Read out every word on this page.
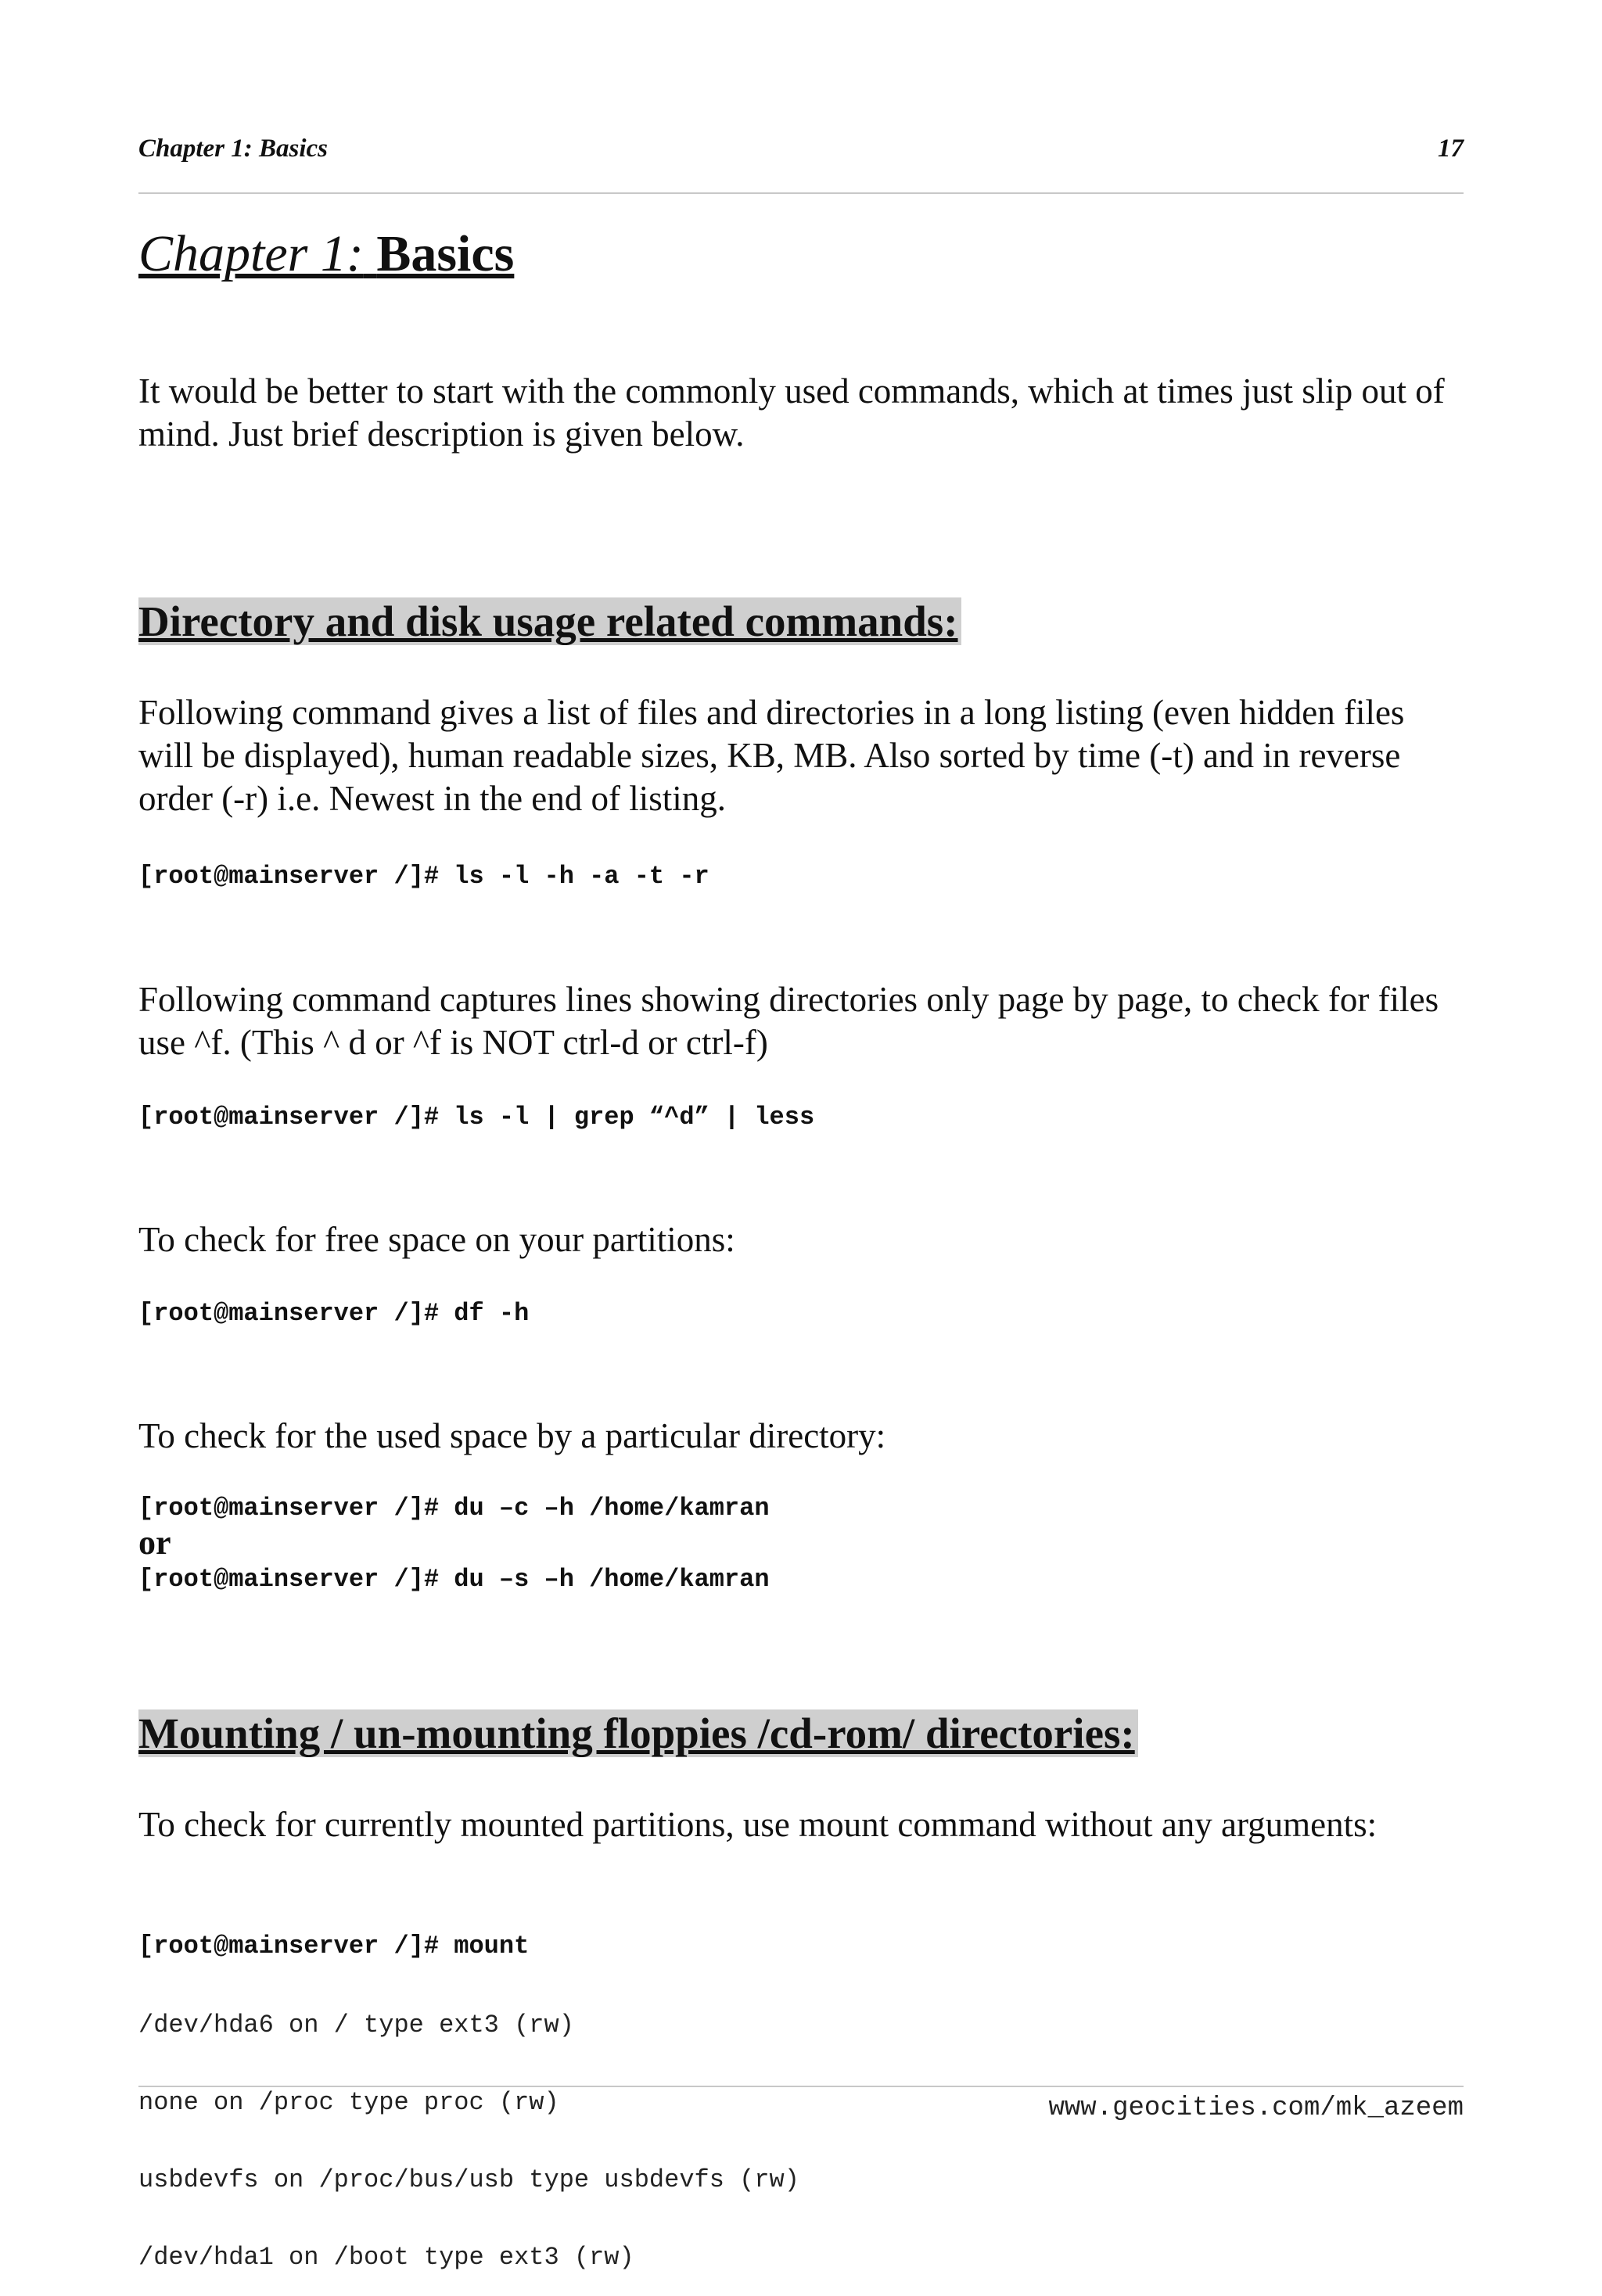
Chapter 1: Basics	17
Chapter 1: Basics

It would be better to start with the commonly used commands, which at times just slip out of mind. Just brief description is given below.

Directory and disk usage related commands:

Following command gives a list of files and directories in a long listing (even hidden files will be displayed), human readable sizes, KB, MB. Also sorted by time (-t) and in reverse order (-r) i.e. Newest in the end of listing.

[root@mainserver /]# ls -l -h -a -t -r

Following command captures lines showing directories only page by page, to check for files use ^f. (This ^ d or ^f is NOT ctrl-d or ctrl-f)

[root@mainserver /]# ls -l | grep “^d” | less

To check for free space on your partitions:

[root@mainserver /]# df -h

To check for the used space by a particular directory:

[root@mainserver /]# du –c –h /home/kamran
or
[root@mainserver /]# du –s –h /home/kamran
Mounting / un-mounting floppies /cd-rom/ directories:

To check for currently mounted partitions, use mount command without any arguments:

[root@mainserver /]# mount

/dev/hda6 on / type ext3 (rw)

none on /proc type proc (rw)

usbdevfs on /proc/bus/usb type usbdevfs (rw)

/dev/hda1 on /boot type ext3 (rw)

www.geocities.com/mk_azeem
